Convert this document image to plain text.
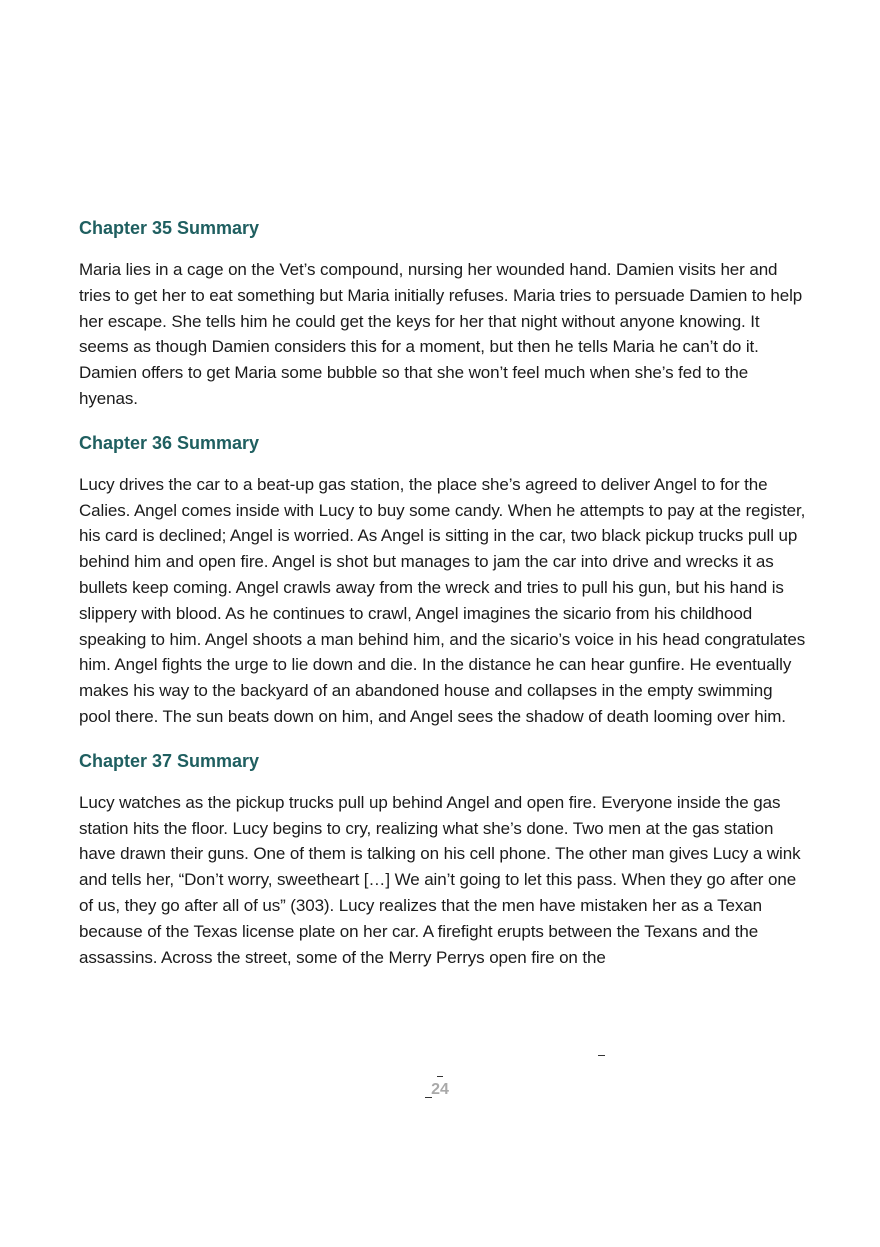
Chapter 35 Summary

Maria lies in a cage on the Vet’s compound, nursing her wounded hand. Damien visits her and tries to get her to eat something but Maria initially refuses. Maria tries to persuade Damien to help her escape. She tells him he could get the keys for her that night without anyone knowing. It seems as though Damien considers this for a moment, but then he tells Maria he can’t do it. Damien offers to get Maria some bubble so that she won’t feel much when she’s fed to the hyenas.

Chapter 36 Summary

Lucy drives the car to a beat-up gas station, the place she’s agreed to deliver Angel to for the Calies. Angel comes inside with Lucy to buy some candy. When he attempts to pay at the register, his card is declined; Angel is worried. As Angel is sitting in the car, two black pickup trucks pull up behind him and open fire. Angel is shot but manages to jam the car into drive and wrecks it as bullets keep coming. Angel crawls away from the wreck and tries to pull his gun, but his hand is slippery with blood. As he continues to crawl, Angel imagines the sicario from his childhood speaking to him. Angel shoots a man behind him, and the sicario’s voice in his head congratulates him. Angel fights the urge to lie down and die. In the distance he can hear gunfire. He eventually makes his way to the backyard of an abandoned house and collapses in the empty swimming pool there. The sun beats down on him, and Angel sees the shadow of death looming over him.

Chapter 37 Summary

Lucy watches as the pickup trucks pull up behind Angel and open fire. Everyone inside the gas station hits the floor. Lucy begins to cry, realizing what she’s done. Two men at the gas station have drawn their guns. One of them is talking on his cell phone. The other man gives Lucy a wink and tells her, “Don’t worry, sweetheart […] We ain’t going to let this pass. When they go after one of us, they go after all of us” (303). Lucy realizes that the men have mistaken her as a Texan because of the Texas license plate on her car. A firefight erupts between the Texans and the assassins. Across the street, some of the Merry Perrys open fire on the

24
